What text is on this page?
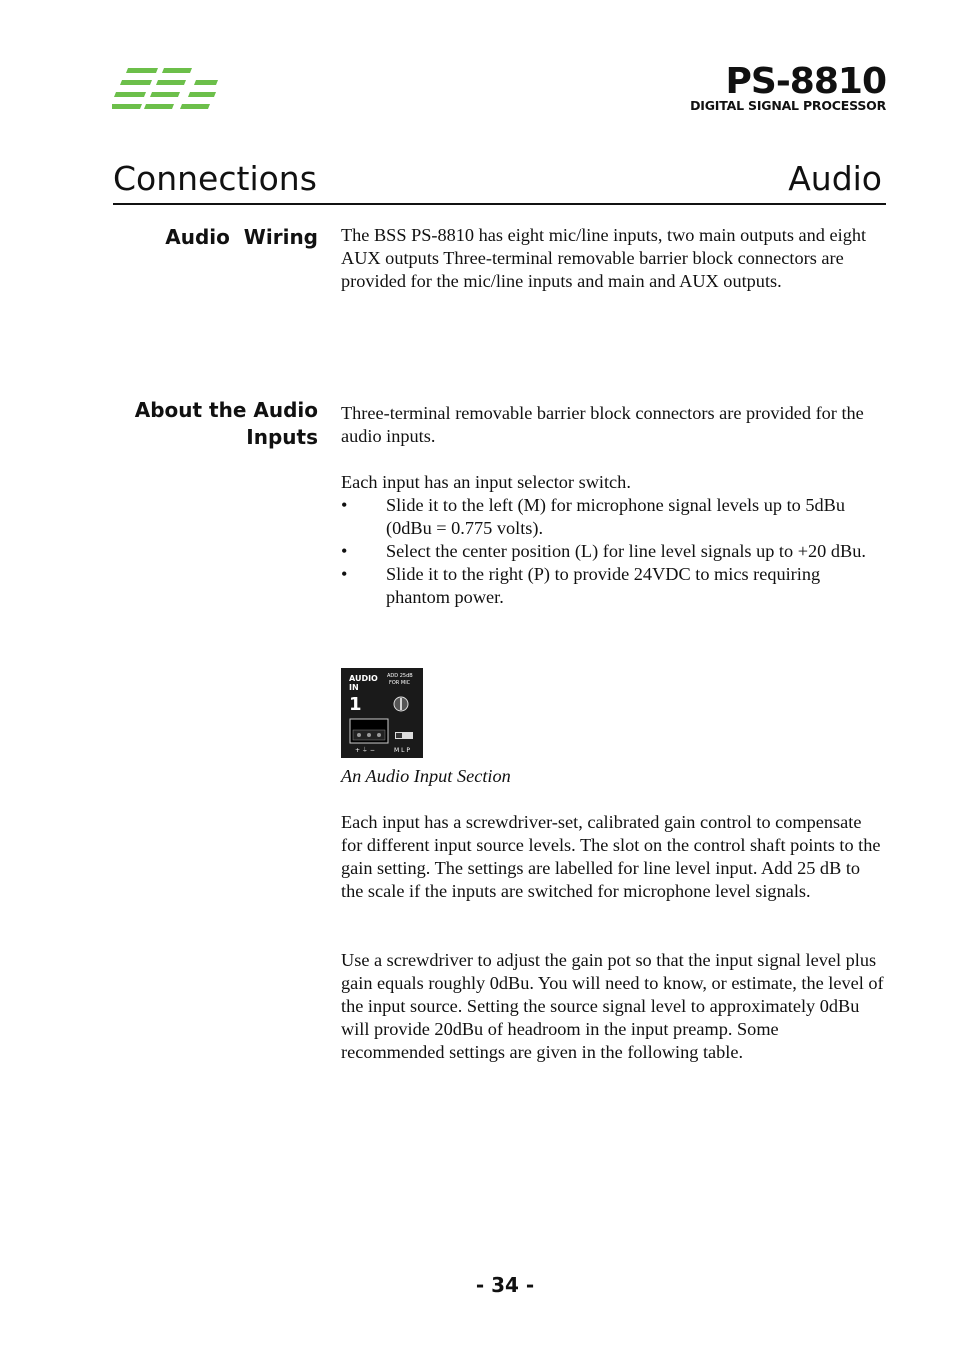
PS-8810
DIGITAL SIGNAL PROCESSOR
Connections	Audio
Audio  Wiring The BSS PS-8810 has eight mic/line inputs, two main outputs and eight AUX outputs Three-terminal removable barrier block connectors are provided for the mic/line inputs and main and AUX outputs.

About the Audio
Inputs

Three-terminal removable barrier block connectors are provided for the audio inputs.

Each input has an input selector switch.

•	Slide it to the left (M) for microphone signal levels up to 5dBu (0dBu = 0.775 volts).
•	Select the center position (L) for line level signals up to +20 dBu.
•	Slide it to the right (P) to provide 24VDC to mics requiring phantom power.
AUDIO
IN
1
ADD 25dB
FOR MIC
+ ⏚ −	M L P
An Audio Input Section

Each input has a screwdriver-set, calibrated gain control to compensate for different input source levels. The slot on the control shaft points to the gain setting. The settings are labelled for line level input. Add 25 dB to the scale if the inputs are switched for microphone level signals.

Use a screwdriver to adjust the gain pot so that the input signal level plus gain equals roughly 0dBu. You will need to know, or estimate, the level of the input source. Setting the source signal level to approximately 0dBu will provide 20dBu of headroom in the input preamp. Some recommended settings are given in the following table.

- 34 -
